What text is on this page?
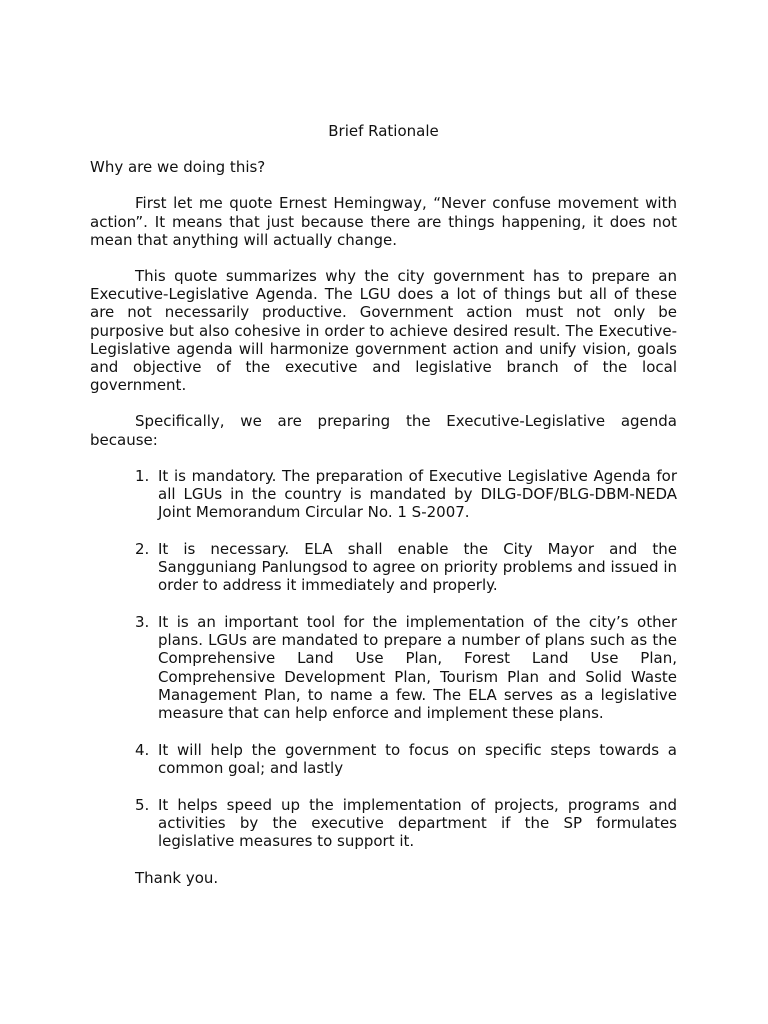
Brief Rationale
Why are we doing this?
First let me quote Ernest Hemingway, “Never confuse movement with action”. It means that just because there are things happening, it does not mean that anything will actually change.
This quote summarizes why the city government has to prepare an Executive-Legislative Agenda. The LGU does a lot of things but all of these are not necessarily productive. Government action must not only be purposive but also cohesive in order to achieve desired result. The Executive-Legislative agenda will harmonize government action and unify vision, goals and objective of the executive and legislative branch of the local government.
Specifically, we are preparing the Executive-Legislative agenda because:
1. It is mandatory. The preparation of Executive Legislative Agenda for all LGUs in the country is mandated by DILG-DOF/BLG-DBM-NEDA Joint Memorandum Circular No. 1 S-2007.
2. It is necessary. ELA shall enable the City Mayor and the Sangguniang Panlungsod to agree on priority problems and issued in order to address it immediately and properly.
3. It is an important tool for the implementation of the city’s other plans. LGUs are mandated to prepare a number of plans such as the Comprehensive Land Use Plan, Forest Land Use Plan, Comprehensive Development Plan, Tourism Plan and Solid Waste Management Plan, to name a few. The ELA serves as a legislative measure that can help enforce and implement these plans.
4. It will help the government to focus on specific steps towards a common goal; and lastly
5. It helps speed up the implementation of projects, programs and activities by the executive department if the SP formulates legislative measures to support it.
Thank you.
